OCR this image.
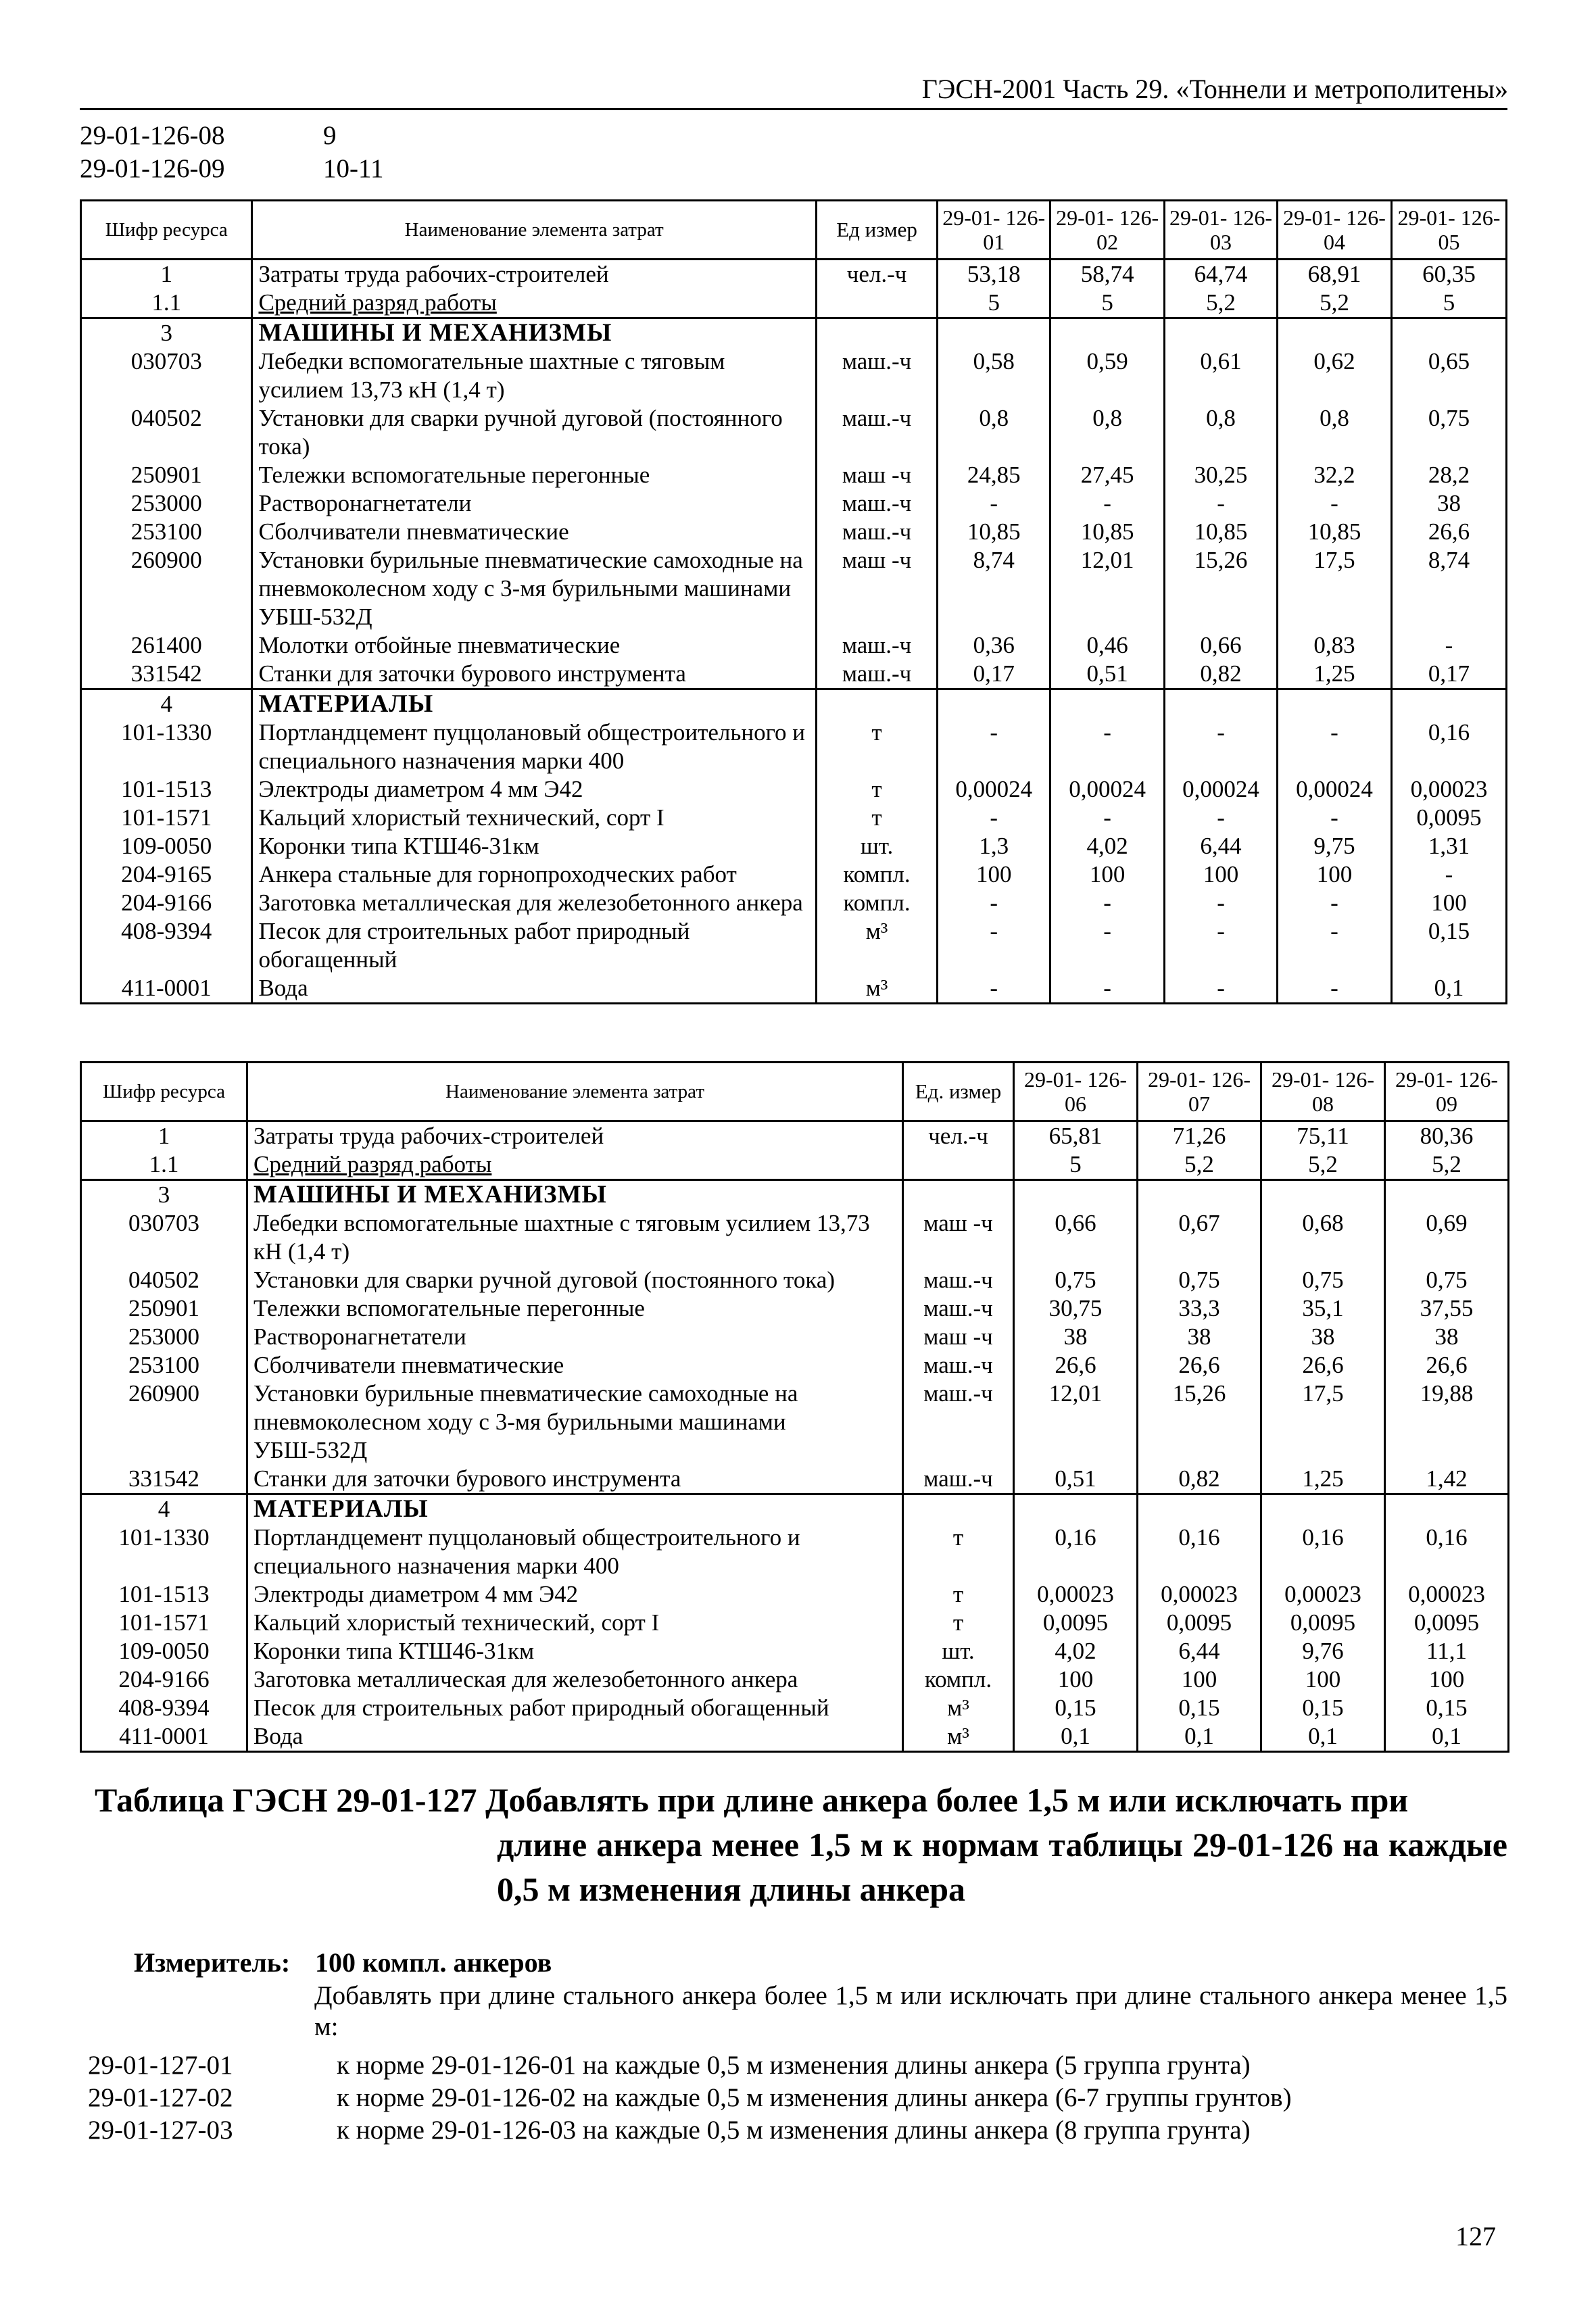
ГЭСН-2001 Часть 29. «Тоннели и метрополитены»
29-01-126-08	9
29-01-126-09	10-11
Шифр ресурса	Наименование элемента затрат	Ед измер	29-01- 126-01	29-01- 126-02	29-01- 126-03	29-01- 126-04	29-01- 126-05
1	Затраты труда рабочих-строителей	чел.-ч	53,18	58,74	64,74	68,91	60,35
1.1	Средний разряд работы		5	5	5,2	5,2	5
3	МАШИНЫ И МЕХАНИЗМЫ						
030703	Лебедки вспомогательные шахтные с тяговым усилием 13,73 кН (1,4 т)	маш.-ч	0,58	0,59	0,61	0,62	0,65
040502	Установки для сварки ручной дуговой (постоянного тока)	маш.-ч	0,8	0,8	0,8	0,8	0,75
250901	Тележки вспомогательные перегонные	маш -ч	24,85	27,45	30,25	32,2	28,2
253000	Растворонагнетатели	маш.-ч	-	-	-	-	38
253100	Сболчиватели пневматические	маш.-ч	10,85	10,85	10,85	10,85	26,6
260900	Установки бурильные пневматические самоходные на пневмоколесном ходу с 3-мя бурильными машинами УБШ-532Д	маш -ч	8,74	12,01	15,26	17,5	8,74
261400	Молотки отбойные пневматические	маш.-ч	0,36	0,46	0,66	0,83	-
331542	Станки для заточки бурового инструмента	маш.-ч	0,17	0,51	0,82	1,25	0,17
4	МАТЕРИАЛЫ						
101-1330	Портландцемент пуццолановый общестроительного и специального назначения марки 400	т	-	-	-	-	0,16
101-1513	Электроды диаметром 4 мм Э42	т	0,00024	0,00024	0,00024	0,00024	0,00023
101-1571	Кальций хлористый технический, сорт I	т	-	-	-	-	0,0095
109-0050	Коронки типа КТШ46-31км	шт.	1,3	4,02	6,44	9,75	1,31
204-9165	Анкера стальные для горнопроходческих работ	компл.	100	100	100	100	-
204-9166	Заготовка металлическая для железобетонного анкера	компл.	-	-	-	-	100
408-9394	Песок для строительных работ природный обогащенный	м³	-	-	-	-	0,15
411-0001	Вода	м³	-	-	-	-	0,1
Шифр ресурса	Наименование элемента затрат	Ед. измер	29-01- 126-06	29-01- 126-07	29-01- 126-08	29-01- 126-09
1	Затраты труда рабочих-строителей	чел.-ч	65,81	71,26	75,11	80,36
1.1	Средний разряд работы		5	5,2	5,2	5,2
3	МАШИНЫ И МЕХАНИЗМЫ					
030703	Лебедки вспомогательные шахтные с тяговым усилием 13,73 кН (1,4 т)	маш -ч	0,66	0,67	0,68	0,69
040502	Установки для сварки ручной дуговой (постоянного тока)	маш.-ч	0,75	0,75	0,75	0,75
250901	Тележки вспомогательные перегонные	маш.-ч	30,75	33,3	35,1	37,55
253000	Растворонагнетатели	маш -ч	38	38	38	38
253100	Сболчиватели пневматические	маш.-ч	26,6	26,6	26,6	26,6
260900	Установки бурильные пневматические самоходные на пневмоколесном ходу с 3-мя бурильными машинами УБШ-532Д	маш.-ч	12,01	15,26	17,5	19,88
331542	Станки для заточки бурового инструмента	маш.-ч	0,51	0,82	1,25	1,42
4	МАТЕРИАЛЫ					
101-1330	Портландцемент пуццолановый общестроительного и специального назначения марки 400	т	0,16	0,16	0,16	0,16
101-1513	Электроды диаметром 4 мм Э42	т	0,00023	0,00023	0,00023	0,00023
101-1571	Кальций хлористый технический, сорт I	т	0,0095	0,0095	0,0095	0,0095
109-0050	Коронки типа КТШ46-31км	шт.	4,02	6,44	9,76	11,1
204-9166	Заготовка металлическая для железобетонного анкера	компл.	100	100	100	100
408-9394	Песок для строительных работ природный обогащенный	м³	0,15	0,15	0,15	0,15
411-0001	Вода	м³	0,1	0,1	0,1	0,1
Таблица ГЭСН 29-01-127 Добавлять при длине анкера более 1,5 м или исключать при
длине анкера менее 1,5 м к нормам таблицы 29-01-126 на каждые 0,5 м изменения длины анкера
Измеритель: 100 компл. анкеров
Добавлять при длине стального анкера более 1,5 м или исключать при длине стального анкера менее 1,5 м:
29-01-127-01	к норме 29-01-126-01 на каждые 0,5 м изменения длины анкера (5 группа грунта)
29-01-127-02	к норме 29-01-126-02 на каждые 0,5 м изменения длины анкера (6-7 группы грунтов)
29-01-127-03	к норме 29-01-126-03 на каждые 0,5 м изменения длины анкера (8 группа грунта)
127
